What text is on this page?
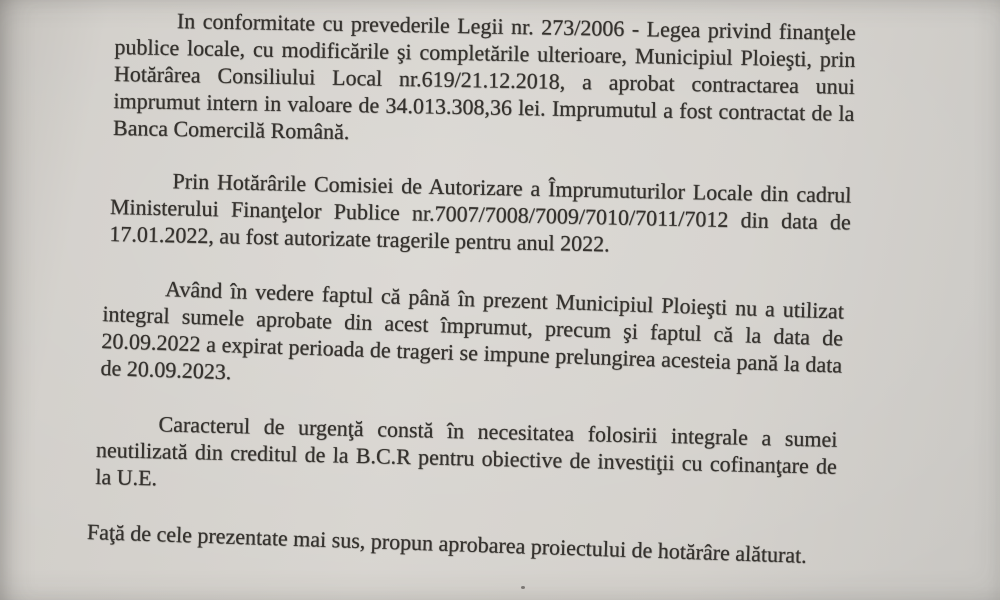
In conformitate cu prevederile Legii nr. 273/2006 - Legea privind finanţele publice locale, cu modificările şi completările ulterioare, Municipiul Ploieşti, prin Hotărârea Consiliului Local nr.619/21.12.2018, a aprobat contractarea unui imprumut intern in valoare de 34.013.308,36 lei. Imprumutul a fost contractat de la Banca Comercilă Română.

Prin Hotărârile Comisiei de Autorizare a Împrumuturilor Locale din cadrul Ministerului Finanţelor Publice nr.7007/7008/7009/7010/7011/7012 din data de 17.01.2022, au fost autorizate tragerile pentru anul 2022.

Având în vedere faptul că până în prezent Municipiul Ploieşti nu a utilizat integral sumele aprobate din acest împrumut, precum şi faptul că la data de 20.09.2022 a expirat perioada de trageri se impune prelungirea acesteia pană la data de 20.09.2023.

Caracterul de urgenţă constă în necesitatea folosirii integrale a sumei neutilizată din creditul de la B.C.R pentru obiective de investiţii cu cofinanţare de la U.E.

Faţă de cele prezentate mai sus, propun aprobarea proiectului de hotărâre alăturat.
